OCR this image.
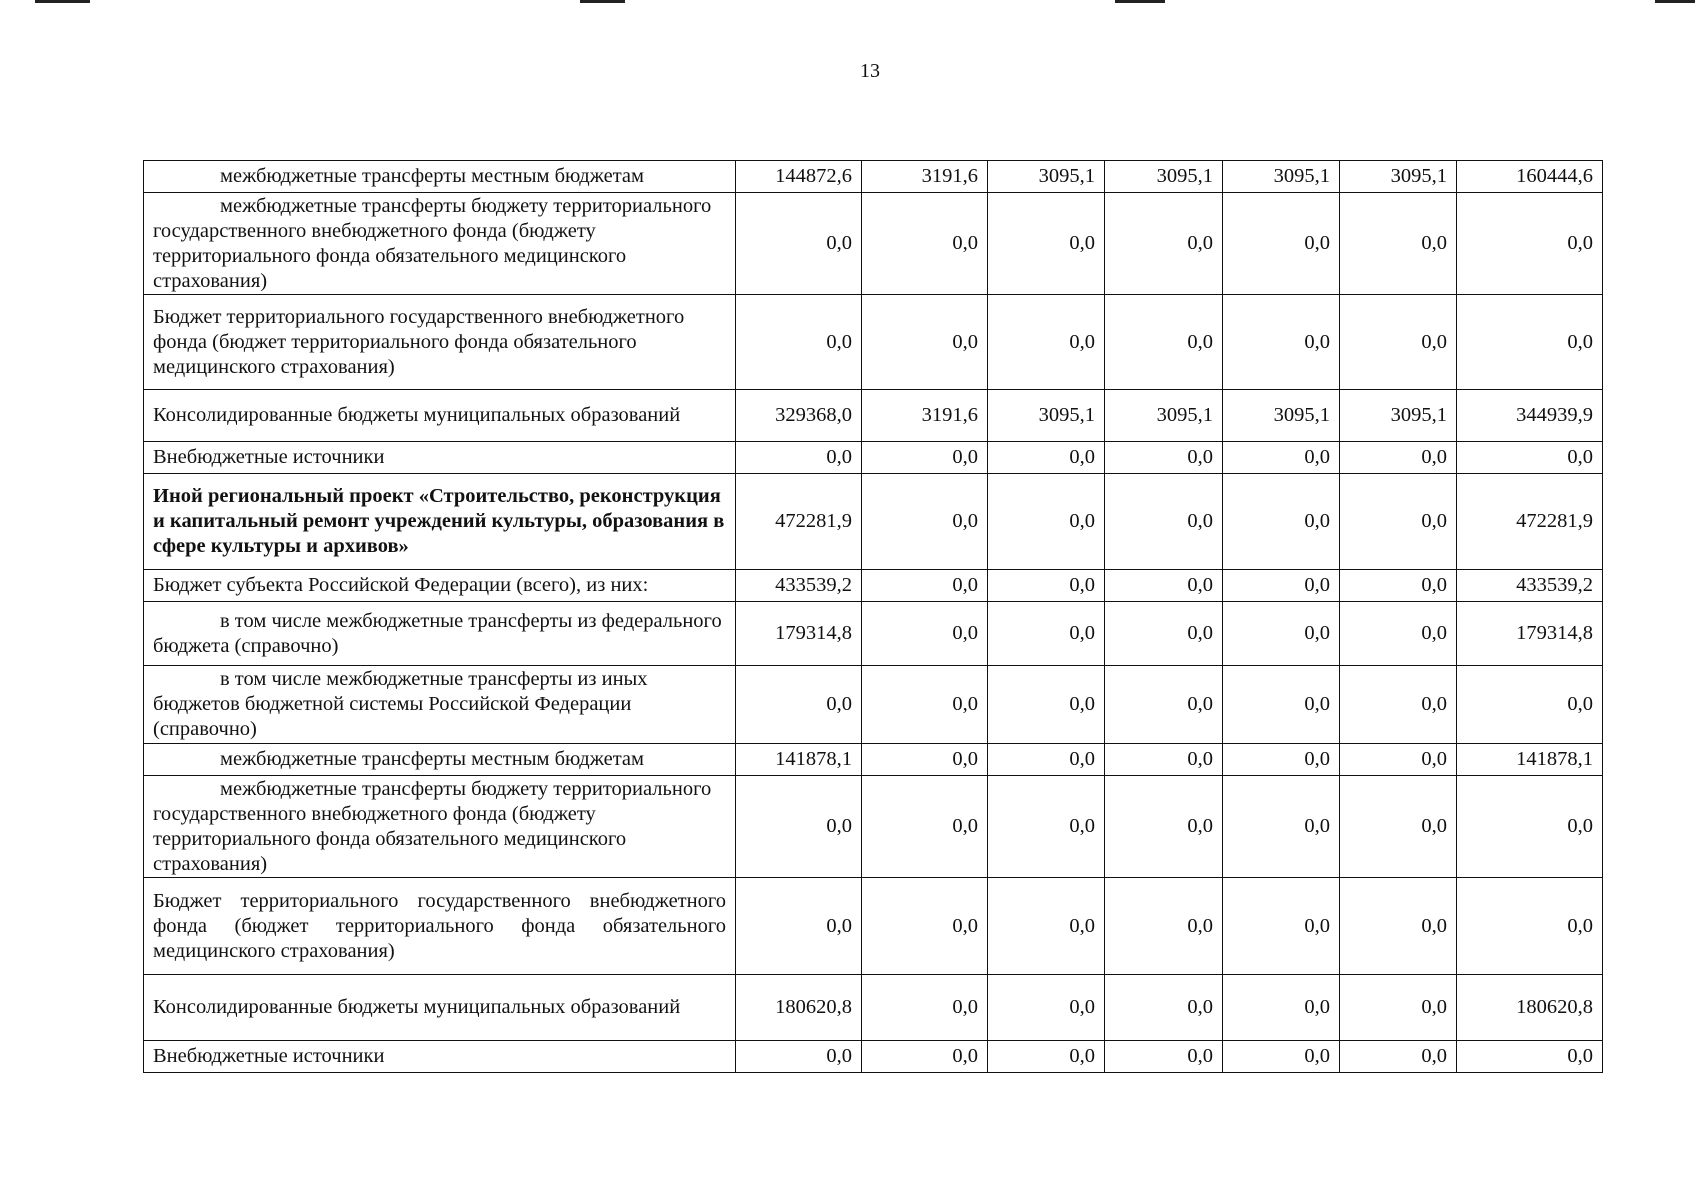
13
межбюджетные трансферты местным бюджетам	144872,6	3191,6	3095,1	3095,1	3095,1	3095,1	160444,6
межбюджетные трансферты бюджету территориального государственного внебюджетного фонда (бюджету территориального фонда обязательного медицинского страхования)	0,0	0,0	0,0	0,0	0,0	0,0	0,0
Бюджет территориального государственного внебюджетного фонда (бюджет территориального фонда обязательного медицинского страхования)	0,0	0,0	0,0	0,0	0,0	0,0	0,0
Консолидированные бюджеты муниципальных образований	329368,0	3191,6	3095,1	3095,1	3095,1	3095,1	344939,9
Внебюджетные источники	0,0	0,0	0,0	0,0	0,0	0,0	0,0
Иной региональный проект «Строительство, реконструкция и капитальный ремонт учреждений культуры, образования в сфере культуры и архивов»	472281,9	0,0	0,0	0,0	0,0	0,0	472281,9
Бюджет субъекта Российской Федерации (всего), из них:	433539,2	0,0	0,0	0,0	0,0	0,0	433539,2
в том числе межбюджетные трансферты из федерального бюджета (справочно)	179314,8	0,0	0,0	0,0	0,0	0,0	179314,8
в том числе межбюджетные трансферты из иных бюджетов бюджетной системы Российской Федерации (справочно)	0,0	0,0	0,0	0,0	0,0	0,0	0,0
межбюджетные трансферты местным бюджетам	141878,1	0,0	0,0	0,0	0,0	0,0	141878,1
межбюджетные трансферты бюджету территориального государственного внебюджетного фонда (бюджету территориального фонда обязательного медицинского страхования)	0,0	0,0	0,0	0,0	0,0	0,0	0,0
Бюджет территориального государственного внебюджетного фонда (бюджет территориального фонда обязательного медицинского страхования)	0,0	0,0	0,0	0,0	0,0	0,0	0,0
Консолидированные бюджеты муниципальных образований	180620,8	0,0	0,0	0,0	0,0	0,0	180620,8
Внебюджетные источники	0,0	0,0	0,0	0,0	0,0	0,0	0,0
